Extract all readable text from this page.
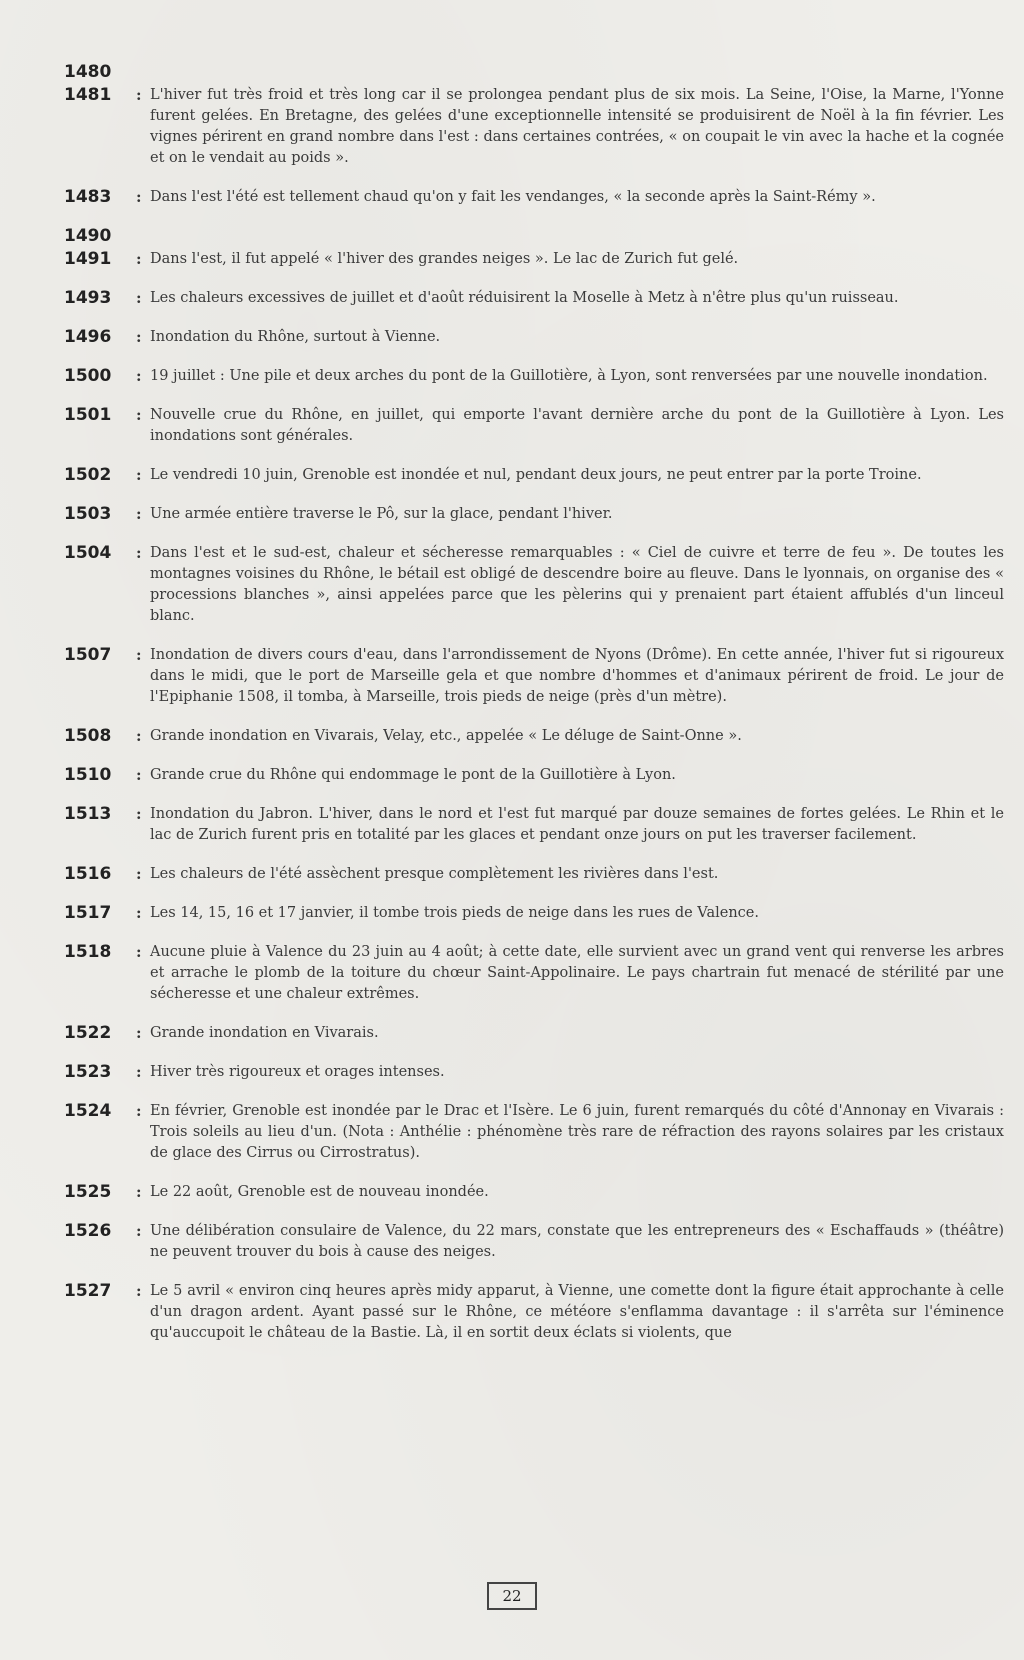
1480
1481	: L'hiver fut très froid et très long car il se prolongea pendant plus de six mois. La Seine, l'Oise, la Marne, l'Yonne furent gelées. En Bretagne, des gelées d'une exceptionnelle intensité se produisirent de Noël à la fin février. Les vignes périrent en grand nombre dans l'est : dans certaines contrées, « on coupait le vin avec la hache et la cognée et on le vendait au poids ».
1483	: Dans l'est l'été est tellement chaud qu'on y fait les vendanges, « la seconde après la Saint-Rémy ».
1490
1491	: Dans l'est, il fut appelé « l'hiver des grandes neiges ». Le lac de Zurich fut gelé.
1493	: Les chaleurs excessives de juillet et d'août réduisirent la Moselle à Metz à n'être plus qu'un ruisseau.
1496	: Inondation du Rhône, surtout à Vienne.
1500	: 19 juillet : Une pile et deux arches du pont de la Guillotière, à Lyon, sont renversées par une nouvelle inondation.
1501	: Nouvelle crue du Rhône, en juillet, qui emporte l'avant dernière arche du pont de la Guillotière à Lyon. Les inondations sont générales.
1502	: Le vendredi 10 juin, Grenoble est inondée et nul, pendant deux jours, ne peut entrer par la porte Troine.
1503	: Une armée entière traverse le Pô, sur la glace, pendant l'hiver.
1504	: Dans l'est et le sud-est, chaleur et sécheresse remarquables : « Ciel de cuivre et terre de feu ». De toutes les montagnes voisines du Rhône, le bétail est obligé de descendre boire au fleuve. Dans le lyonnais, on organise des « processions blanches », ainsi appelées parce que les pèlerins qui y prenaient part étaient affublés d'un linceul blanc.
1507	: Inondation de divers cours d'eau, dans l'arrondissement de Nyons (Drôme). En cette année, l'hiver fut si rigoureux dans le midi, que le port de Marseille gela et que nombre d'hommes et d'animaux périrent de froid. Le jour de l'Epiphanie 1508, il tomba, à Marseille, trois pieds de neige (près d'un mètre).
1508	: Grande inondation en Vivarais, Velay, etc., appelée « Le déluge de Saint-Onne ».
1510	: Grande crue du Rhône qui endommage le pont de la Guillotière à Lyon.
1513	: Inondation du Jabron. L'hiver, dans le nord et l'est fut marqué par douze semaines de fortes gelées. Le Rhin et le lac de Zurich furent pris en totalité par les glaces et pendant onze jours on put les traverser facilement.
1516	: Les chaleurs de l'été assèchent presque complètement les rivières dans l'est.
1517	: Les 14, 15, 16 et 17 janvier, il tombe trois pieds de neige dans les rues de Valence.
1518	: Aucune pluie à Valence du 23 juin au 4 août; à cette date, elle survient avec un grand vent qui renverse les arbres et arrache le plomb de la toiture du chœur Saint-Appolinaire. Le pays chartrain fut menacé de stérilité par une sécheresse et une chaleur extrêmes.
1522	: Grande inondation en Vivarais.
1523	: Hiver très rigoureux et orages intenses.
1524	: En février, Grenoble est inondée par le Drac et l'Isère. Le 6 juin, furent remarqués du côté d'Annonay en Vivarais : Trois soleils au lieu d'un. (Nota : Anthélie : phénomène très rare de réfraction des rayons solaires par les cristaux de glace des Cirrus ou Cirrostratus).
1525	: Le 22 août, Grenoble est de nouveau inondée.
1526	: Une délibération consulaire de Valence, du 22 mars, constate que les entrepreneurs des « Eschaffauds » (théâtre) ne peuvent trouver du bois à cause des neiges.
1527	: Le 5 avril « environ cinq heures après midy apparut, à Vienne, une comette dont la figure était approchante à celle d'un dragon ardent. Ayant passé sur le Rhône, ce météore s'enflamma davantage : il s'arrêta sur l'éminence qu'auccupoit le château de la Bastie. Là, il en sortit deux éclats si violents, que
22
